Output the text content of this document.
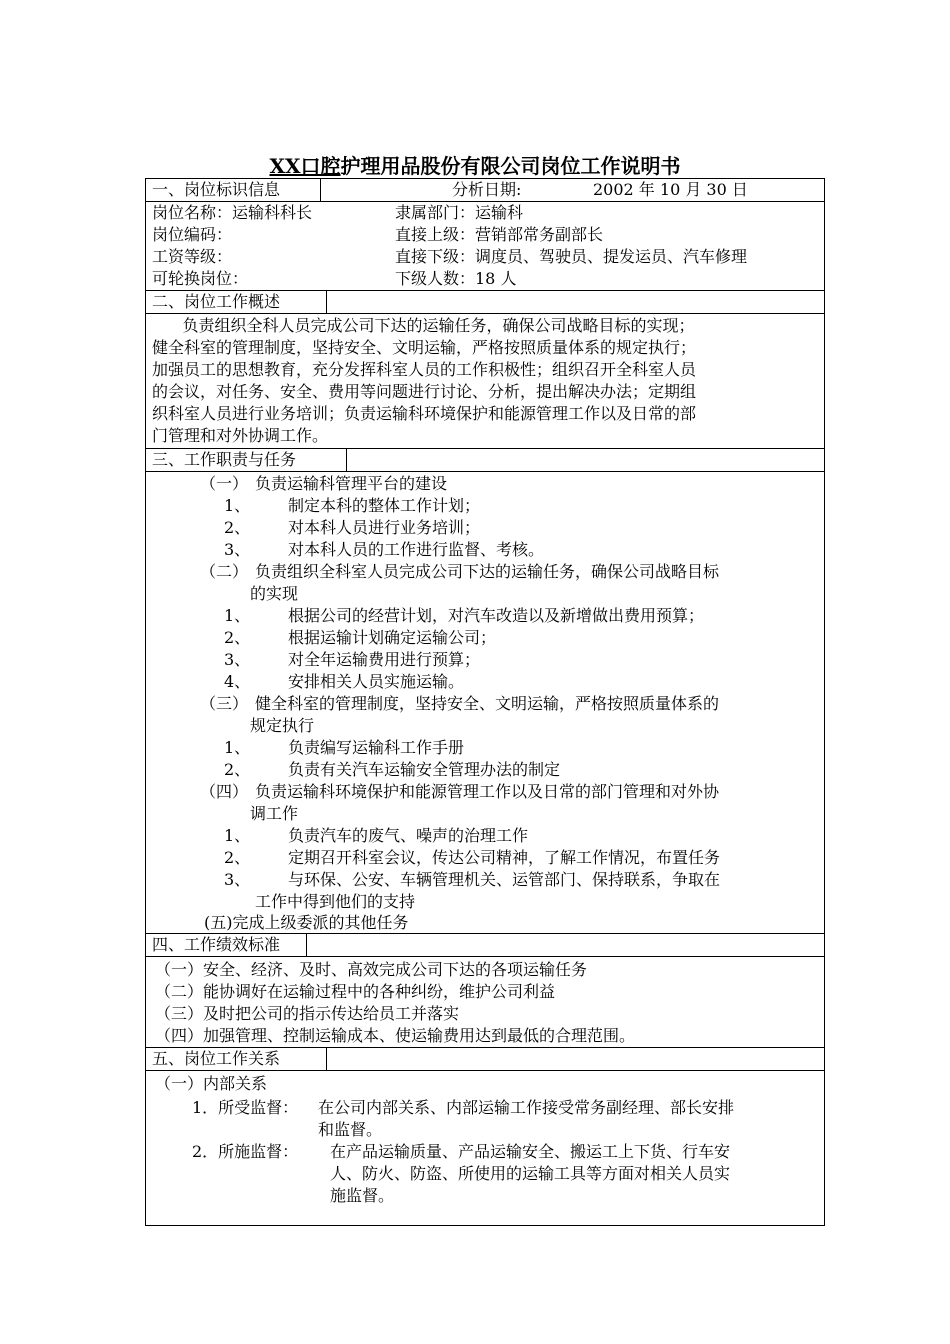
XX口腔护理用品股份有限公司岗位工作说明书
一、岗位标识信息	分析日期:	2002 年 10 月 30 日
岗位名称：运输科科长	隶属部门：运输科
岗位编码：	直接上级：营销部常务副部长
工资等级：	直接下级：调度员、驾驶员、提发运员、汽车修理
可轮换岗位：	下级人数：18 人
二、岗位工作概述
负责组织全科人员完成公司下达的运输任务，确保公司战略目标的实现；
健全科室的管理制度，坚持安全、文明运输，严格按照质量体系的规定执行；
加强员工的思想教育，充分发挥科室人员的工作积极性；组织召开全科室人员
的会议，对任务、安全、费用等问题进行讨论、分析，提出解决办法；定期组
织科室人员进行业务培训；负责运输科环境保护和能源管理工作以及日常的部
门管理和对外协调工作。
三、工作职责与任务
（一） 负责运输科管理平台的建设
1、 制定本科的整体工作计划；
2、 对本科人员进行业务培训；
3、 对本科人员的工作进行监督、考核。
（二） 负责组织全科室人员完成公司下达的运输任务，确保公司战略目标
的实现
1、 根据公司的经营计划，对汽车改造以及新增做出费用预算；
2、 根据运输计划确定运输公司；
3、 对全年运输费用进行预算；
4、 安排相关人员实施运输。
（三） 健全科室的管理制度，坚持安全、文明运输，严格按照质量体系的
规定执行
1、 负责编写运输科工作手册
2、 负责有关汽车运输安全管理办法的制定
（四） 负责运输科环境保护和能源管理工作以及日常的部门管理和对外协
调工作
1、 负责汽车的废气、噪声的治理工作
2、 定期召开科室会议，传达公司精神，了解工作情况，布置任务
3、 与环保、公安、车辆管理机关、运管部门、保持联系，争取在
工作中得到他们的支持
(五)完成上级委派的其他任务
四、工作绩效标准
（一）安全、经济、及时、高效完成公司下达的各项运输任务
（二）能协调好在运输过程中的各种纠纷，维护公司利益
（三）及时把公司的指示传达给员工并落实
（四）加强管理、控制运输成本、使运输费用达到最低的合理范围。
五、岗位工作关系
（一）内部关系
1．所受监督： 在公司内部关系、内部运输工作接受常务副经理、部长安排
和监督。
2．所施监督： 在产品运输质量、产品运输安全、搬运工上下货、行车安
人、防火、防盗、所使用的运输工具等方面对相关人员实
施监督。
